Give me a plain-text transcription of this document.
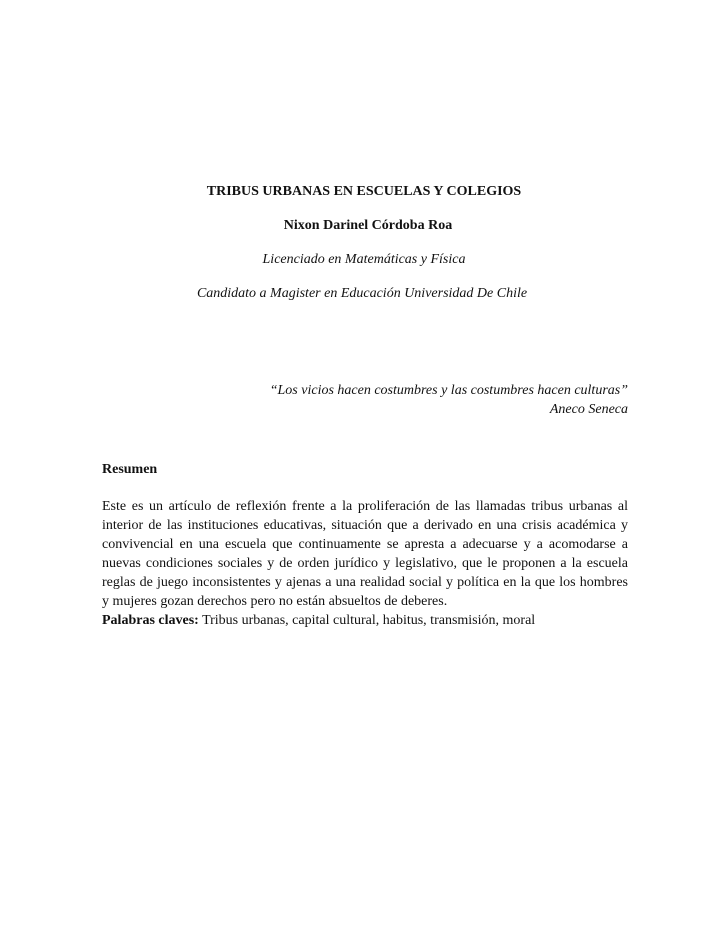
TRIBUS URBANAS EN ESCUELAS Y COLEGIOS
Nixon Darinel Córdoba Roa
Licenciado en Matemáticas y Física
Candidato a Magister en Educación Universidad De Chile
“Los vicios hacen costumbres y las costumbres hacen culturas”
Aneco Seneca
Resumen
Este es un artículo de reflexión frente a la proliferación de las llamadas tribus urbanas al
interior de las instituciones educativas, situación que a derivado en una crisis académica y
convivencial en una escuela que continuamente se apresta a adecuarse y a acomodarse a
nuevas condiciones sociales y de orden jurídico y legislativo, que le proponen a la escuela
reglas de juego inconsistentes y ajenas a una realidad social y política en la que los hombres
y mujeres gozan derechos pero no están absueltos de deberes.
Palabras claves: Tribus urbanas, capital cultural, habitus, transmisión, moral
